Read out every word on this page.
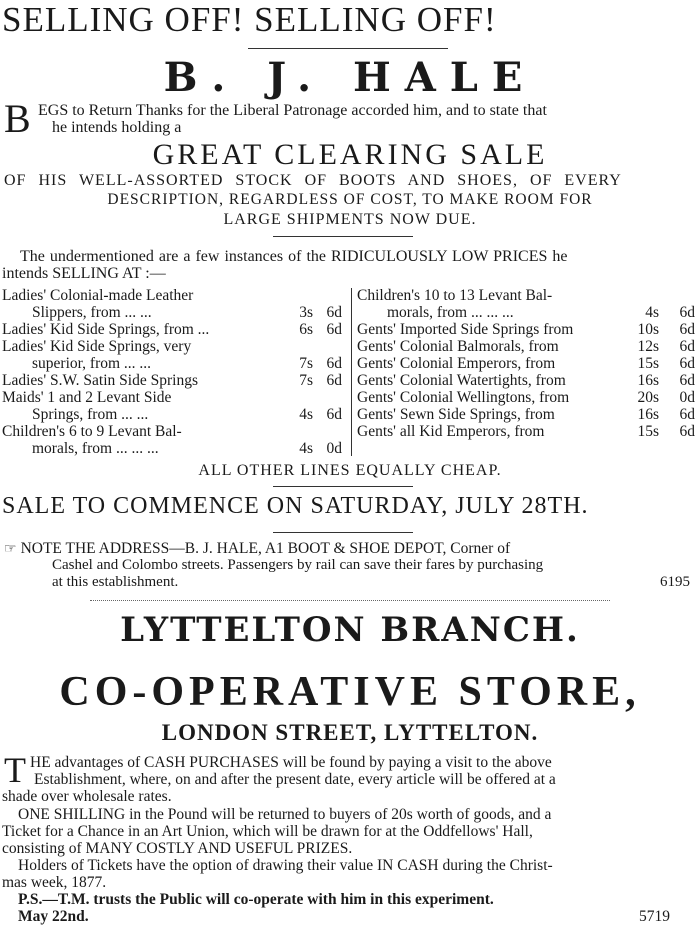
SELLING OFF! SELLING OFF!
B. J. HALE
B EGS to Return Thanks for the Liberal Patronage accorded him, and to state that
he intends holding a
GREAT CLEARING SALE
OF HIS WELL-ASSORTED STOCK OF BOOTS AND SHOES, OF EVERY
DESCRIPTION, REGARDLESS OF COST, TO MAKE ROOM FOR
LARGE SHIPMENTS NOW DUE.
The undermentioned are a few instances of the RIDICULOUSLY LOW PRICES he
intends SELLING AT :—
Ladies' Colonial-made Leather
Slippers, from ... ...	3s 6d
Ladies' Kid Side Springs, from ...	6s 6d
Ladies' Kid Side Springs, very
superior, from ... ...	7s 6d
Ladies' S.W. Satin Side Springs	7s 6d
Maids' 1 and 2 Levant Side
Springs, from ... ...	4s 6d
Children's 6 to 9 Levant Bal-
morals, from ... ... ...	4s 0d
Children's 10 to 13 Levant Bal-
morals, from ... ... ...	4s 6d
Gents' Imported Side Springs from	10s 6d
Gents' Colonial Balmorals, from	12s 6d
Gents' Colonial Emperors, from	15s 6d
Gents' Colonial Watertights, from	16s 6d
Gents' Colonial Wellingtons, from	20s 0d
Gents' Sewn Side Springs, from	16s 6d
Gents' all Kid Emperors, from	15s 6d
ALL OTHER LINES EQUALLY CHEAP.
SALE TO COMMENCE ON SATURDAY, JULY 28TH.
☞ NOTE THE ADDRESS—B. J. HALE, A1 BOOT & SHOE DEPOT, Corner of
Cashel and Colombo streets. Passengers by rail can save their fares by purchasing
at this establishment.	6195
LYTTELTON BRANCH.
CO-OPERATIVE STORE,
LONDON STREET, LYTTELTON.
T HE advantages of CASH PURCHASES will be found by paying a visit to the above
Establishment, where, on and after the present date, every article will be offered at a
shade over wholesale rates.
ONE SHILLING in the Pound will be returned to buyers of 20s worth of goods, and a
Ticket for a Chance in an Art Union, which will be drawn for at the Oddfellows' Hall,
consisting of MANY COSTLY AND USEFUL PRIZES.
Holders of Tickets have the option of drawing their value IN CASH during the Christ-
mas week, 1877.
P.S.—T.M. trusts the Public will co-operate with him in this experiment.
May 22nd.	5719
